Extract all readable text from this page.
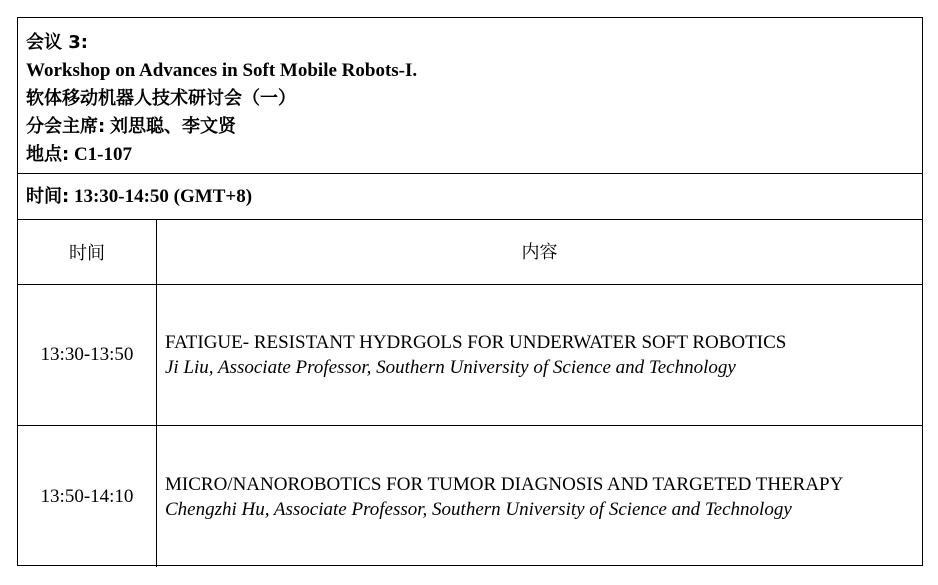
会议 3:
Workshop on Advances in Soft Mobile Robots-I.
软体移动机器人技术研讨会（一）
分会主席: 刘思聪、李文贤
地点: C1-107
时间: 13:30-14:50 (GMT+8)
时间	内容
13:30-13:50
FATIGUE- RESISTANT HYDRGOLS FOR UNDERWATER SOFT ROBOTICS
Ji Liu, Associate Professor, Southern University of Science and Technology
13:50-14:10
MICRO/NANOROBOTICS FOR TUMOR DIAGNOSIS AND TARGETED THERAPY
Chengzhi Hu, Associate Professor, Southern University of Science and Technology
